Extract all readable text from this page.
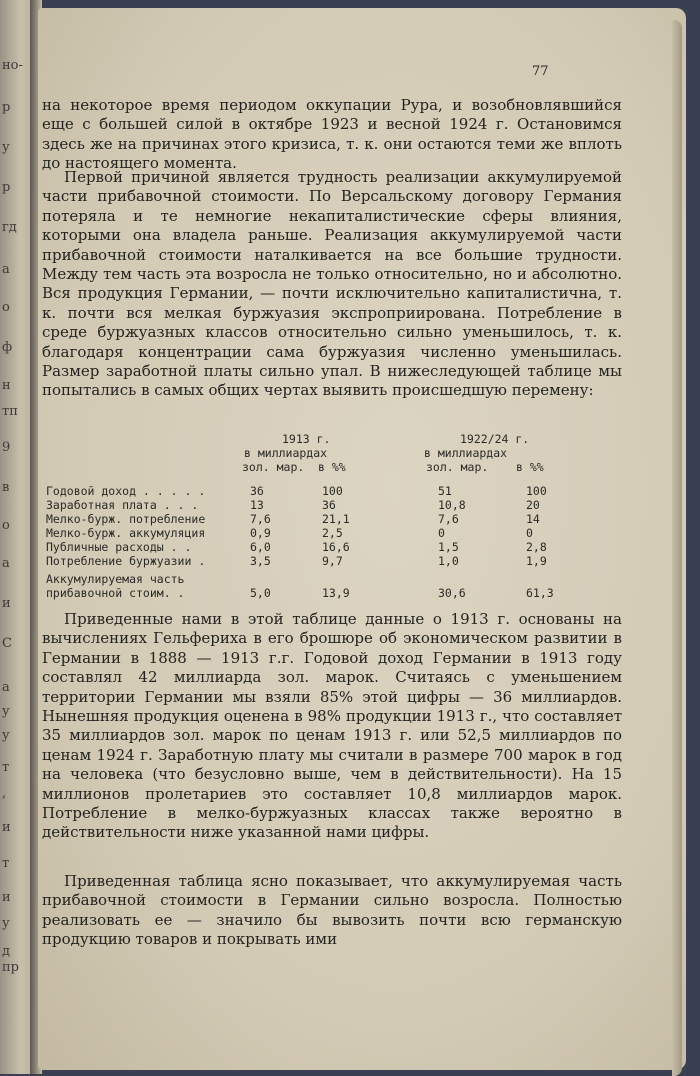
но-
р
у
р
гд
а
о
ф
н
тп
9
в
о
а
и
С
а
у
у
т
,
и
т
и
у
д
пр
77

на некоторое время периодом оккупации Рура, и возобновлявшийся еще с большей силой в октябре 1923 и весной 1924 г. Остановимся здесь же на причинах этого кризиса, т. к. они остаются теми же вплоть до настоящего момента.

Первой причиной является трудность реализации аккумулируемой части прибавочной стоимости. По Версальскому договору Германия потеряла и те немногие некапиталистические сферы влияния, которыми она владела раньше. Реализация аккумулируемой части прибавочной стоимости наталкивается на все большие трудности. Между тем часть эта возросла не только относительно, но и абсолютно. Вся продукция Германии, — почти исключительно капиталистична, т. к. почти вся мелкая буржуазия экспроприирована. Потребление в среде буржуазных классов относительно сильно уменьшилось, т. к. благодаря концентрации сама буржуазия численно уменьшилась. Размер заработной платы сильно упал. В нижеследующей таблице мы попытались в самых общих чертах выявить происшедшую перемену:

1913 г.	1922/24 г.
в миллиардах	в миллиардах
зол. мар. в %%	зол. мар. в %%
Годовой доход . . . . .	36	100	51	100
Заработная плата . . .	13	36	10,8	20
Мелко-бурж. потребление	7,6	21,1	7,6	14
Мелко-бурж. аккумуляция	0,9	2,5	0	0
Публичные расходы . .	6,0	16,6	1,5	2,8
Потребление буржуазии .	3,5	9,7	1,0	1,9
Аккумулируемая часть
прибавочной стоим. .	5,0	13,9	30,6	61,3

Приведенные нами в этой таблице данные о 1913 г. основаны на вычислениях Гельфериха в его брошюре об экономическом развитии в Германии в 1888 — 1913 г.г. Годовой доход Германии в 1913 году составлял 42 миллиарда зол. марок. Считаясь с уменьшением территории Германии мы взяли 85% этой цифры — 36 миллиардов. Нынешняя продукция оценена в 98% продукции 1913 г., что составляет 35 миллиардов зол. марок по ценам 1913 г. или 52,5 миллиардов по ценам 1924 г. Заработную плату мы считали в размере 700 марок в год на человека (что безусловно выше, чем в действительности). На 15 миллионов пролетариев это составляет 10,8 миллиардов марок. Потребление в мелко-буржуазных классах также вероятно в действительности ниже указанной нами цифры.

Приведенная таблица ясно показывает, что аккумулируемая часть прибавочной стоимости в Германии сильно возросла. Полностью реализовать ее — значило бы вывозить почти всю германскую продукцию товаров и покрывать ими
